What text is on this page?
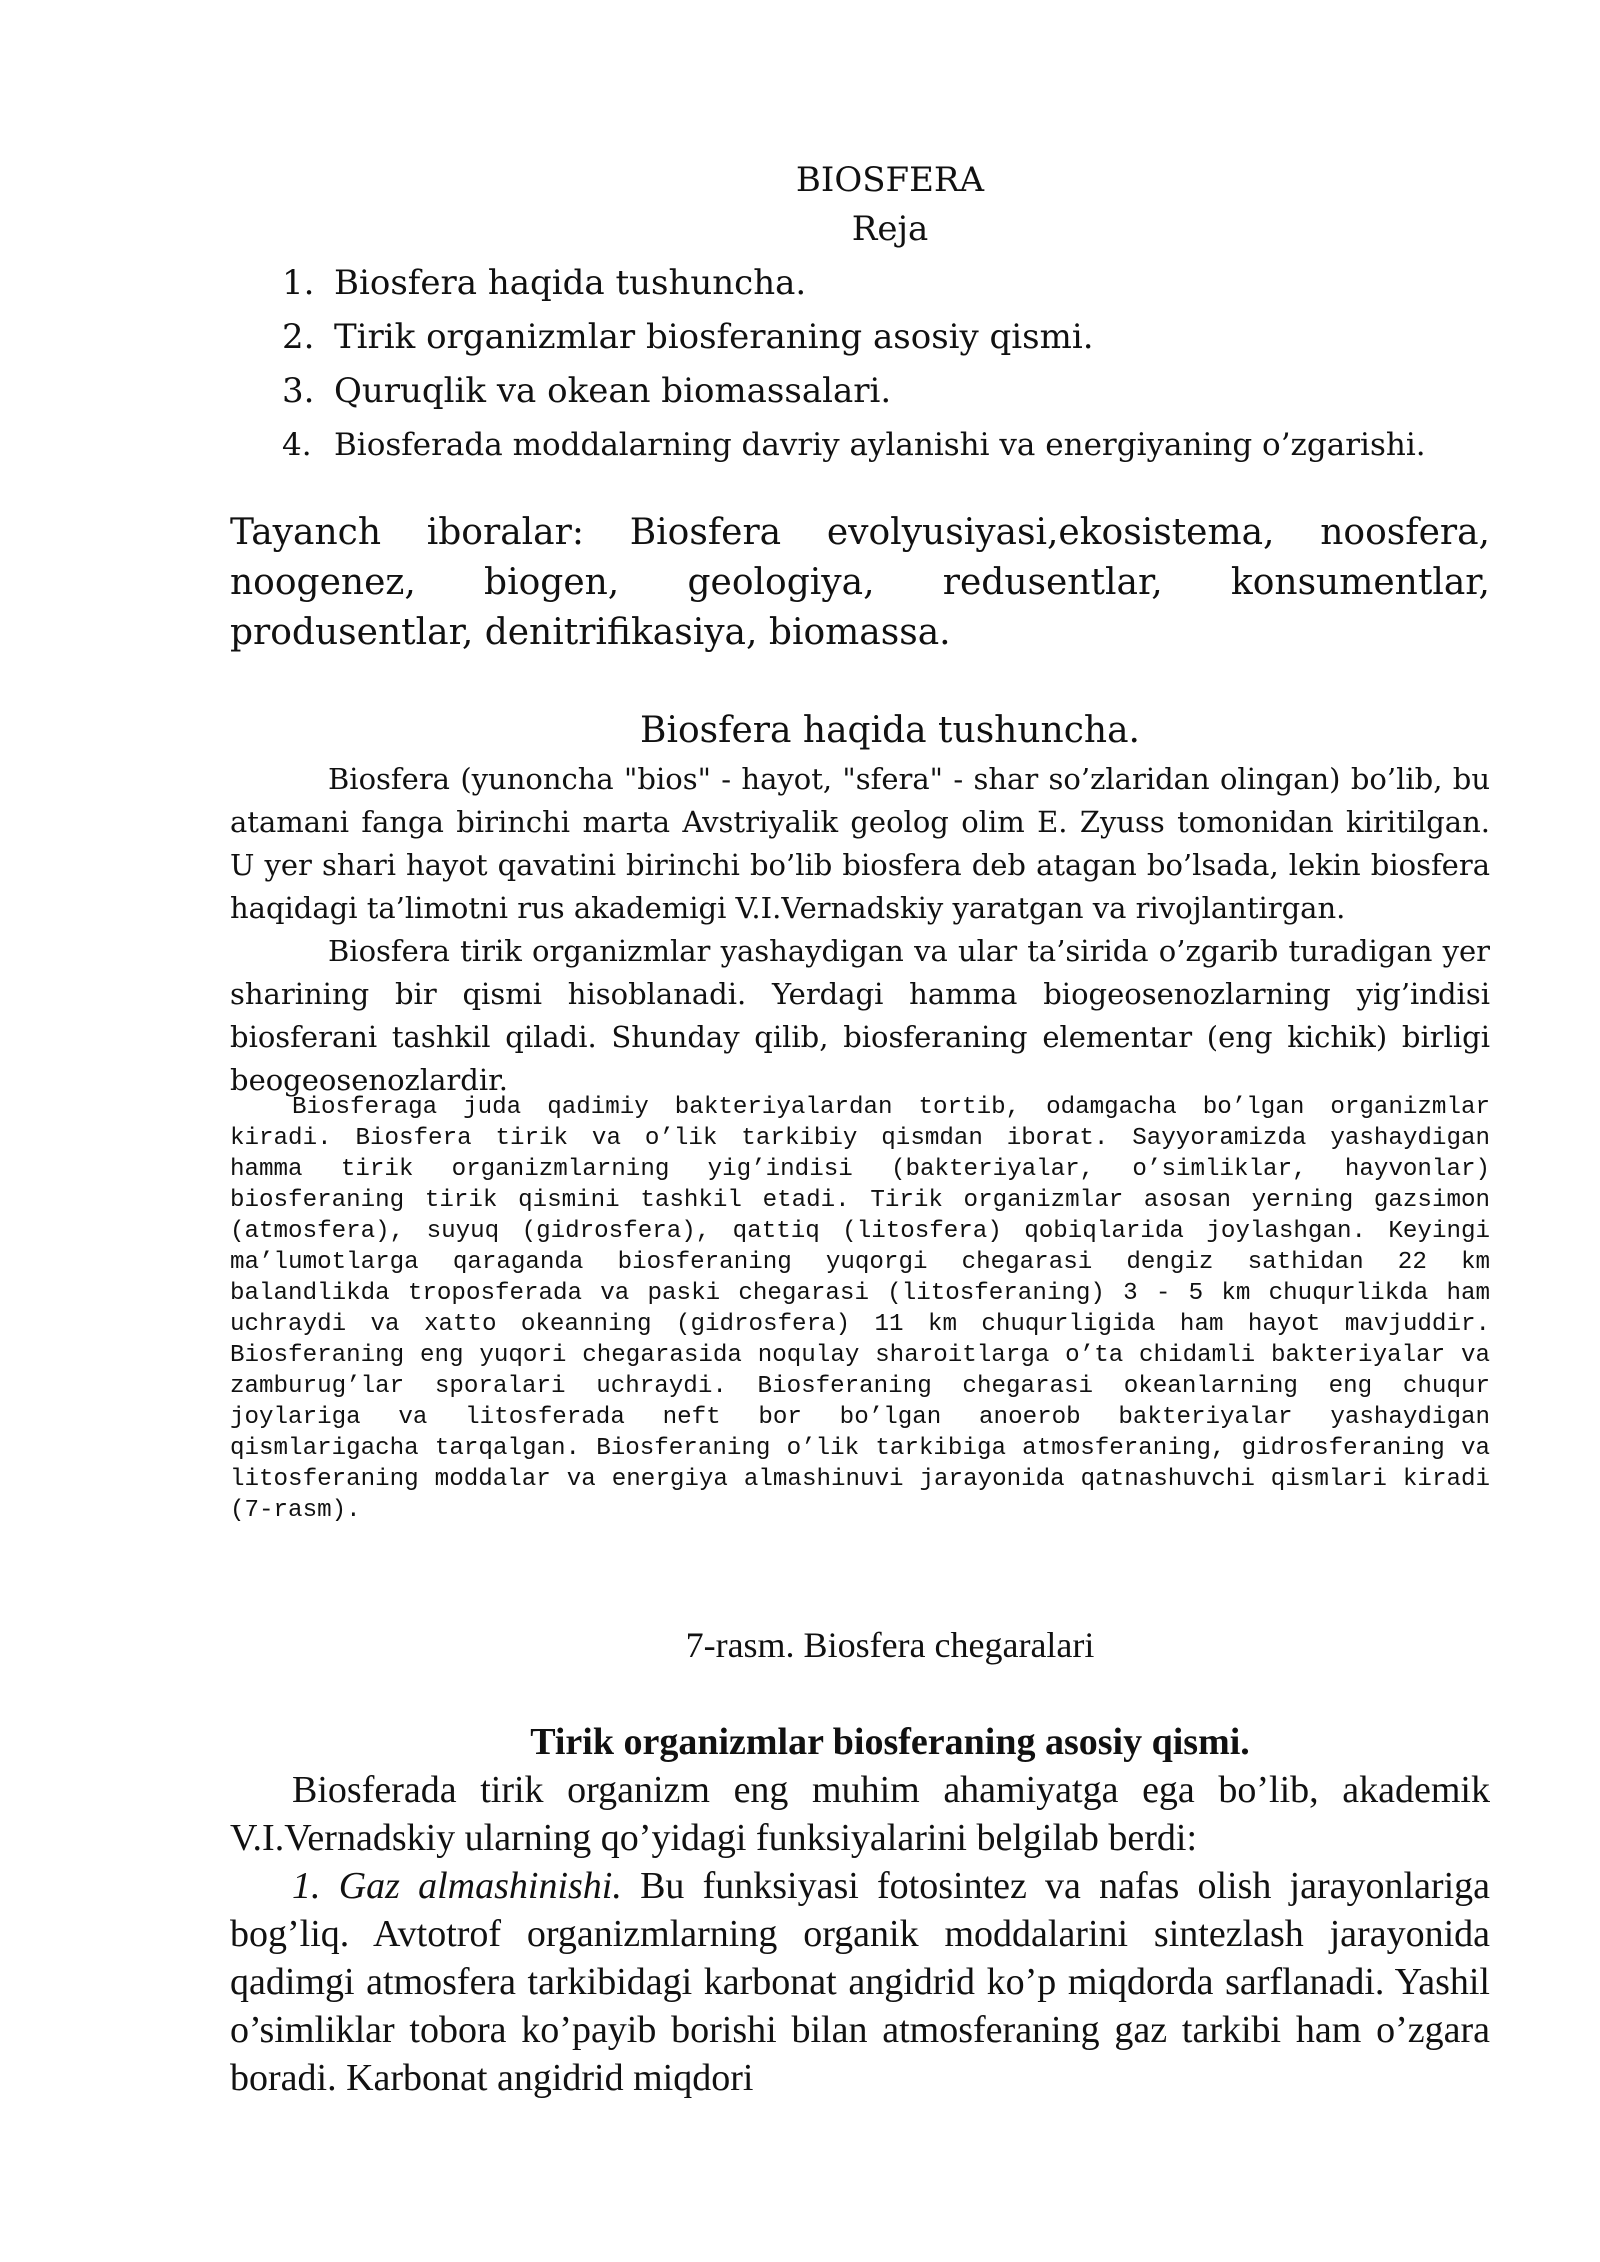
BIOSFERA
Reja
1. Biosfera haqida tushuncha.
2. Tirik organizmlar biosferaning asosiy qismi.
3. Quruqlik va okean biomassalari.
4. Biosferada moddalarning davriy aylanishi va energiyaning o’zgarishi.

Tayanch iboralar: Biosfera evolyusiyasi,ekosistema, noosfera, noogenez, biogen, geologiya, redusentlar, konsumentlar, produsentlar, denitrifikasiya, biomassa.

Biosfera haqida tushuncha.

Biosfera (yunoncha "bios" - hayot, "sfera" - shar so’zlaridan olingan) bo’lib, bu atamani fanga birinchi marta Avstriyalik geolog olim E. Zyuss tomonidan kiritilgan. U yer shari hayot qavatini birinchi bo’lib biosfera deb atagan bo’lsada, lekin biosfera haqidagi ta’limotni rus akademigi V.I.Vernadskiy yaratgan va rivojlantirgan.

Biosfera tirik organizmlar yashaydigan va ular ta’sirida o’zgarib turadigan yer sharining bir qismi hisoblanadi. Yerdagi hamma biogeosenozlarning yig’indisi biosferani tashkil qiladi. Shunday qilib, biosferaning elementar (eng kichik) birligi beogeosenozlardir.

Biosferaga juda qadimiy bakteriyalardan tortib, odamgacha bo’lgan organizmlar kiradi. Biosfera tirik va o’lik tarkibiy qismdan iborat. Sayyoramizda yashaydigan hamma tirik organizmlarning yig’indisi (bakteriyalar, o’simliklar, hayvonlar) biosferaning tirik qismini tashkil etadi. Tirik organizmlar asosan yerning gazsimon (atmosfera), suyuq (gidrosfera), qattiq (litosfera) qobiqlarida joylashgan. Keyingi ma’lumotlarga qaraganda biosferaning yuqorgi chegarasi dengiz sathidan 22 km balandlikda troposferada va paski chegarasi (litosferaning) 3 - 5 km chuqurlikda ham uchraydi va xatto okeanning (gidrosfera) 11 km chuqurligida ham hayot mavjuddir. Biosferaning eng yuqori chegarasida noqulay sharoitlarga o’ta chidamli bakteriyalar va zamburug’lar sporalari uchraydi. Biosferaning chegarasi okeanlarning eng chuqur joylariga va litosferada neft bor bo’lgan anoerob bakteriyalar yashaydigan qismlarigacha tarqalgan. Biosferaning o’lik tarkibiga atmosferaning, gidrosferaning va litosferaning moddalar va energiya almashinuvi jarayonida qatnashuvchi qismlari kiradi (7-rasm).

7-rasm. Biosfera chegaralari
Tirik organizmlar biosferaning asosiy qismi.

Biosferada tirik organizm eng muhim ahamiyatga ega bo’lib, akademik V.I.Vernadskiy ularning qo’yidagi funksiyalarini belgilab berdi:

1. Gaz almashinishi. Bu funksiyasi fotosintez va nafas olish jarayonlariga bog’liq. Avtotrof organizmlarning organik moddalarini sintezlash jarayonida qadimgi atmosfera tarkibidagi karbonat angidrid ko’p miqdorda sarflanadi. Yashil o’simliklar tobora ko’payib borishi bilan atmosferaning gaz tarkibi ham o’zgara boradi. Karbonat angidrid miqdori
